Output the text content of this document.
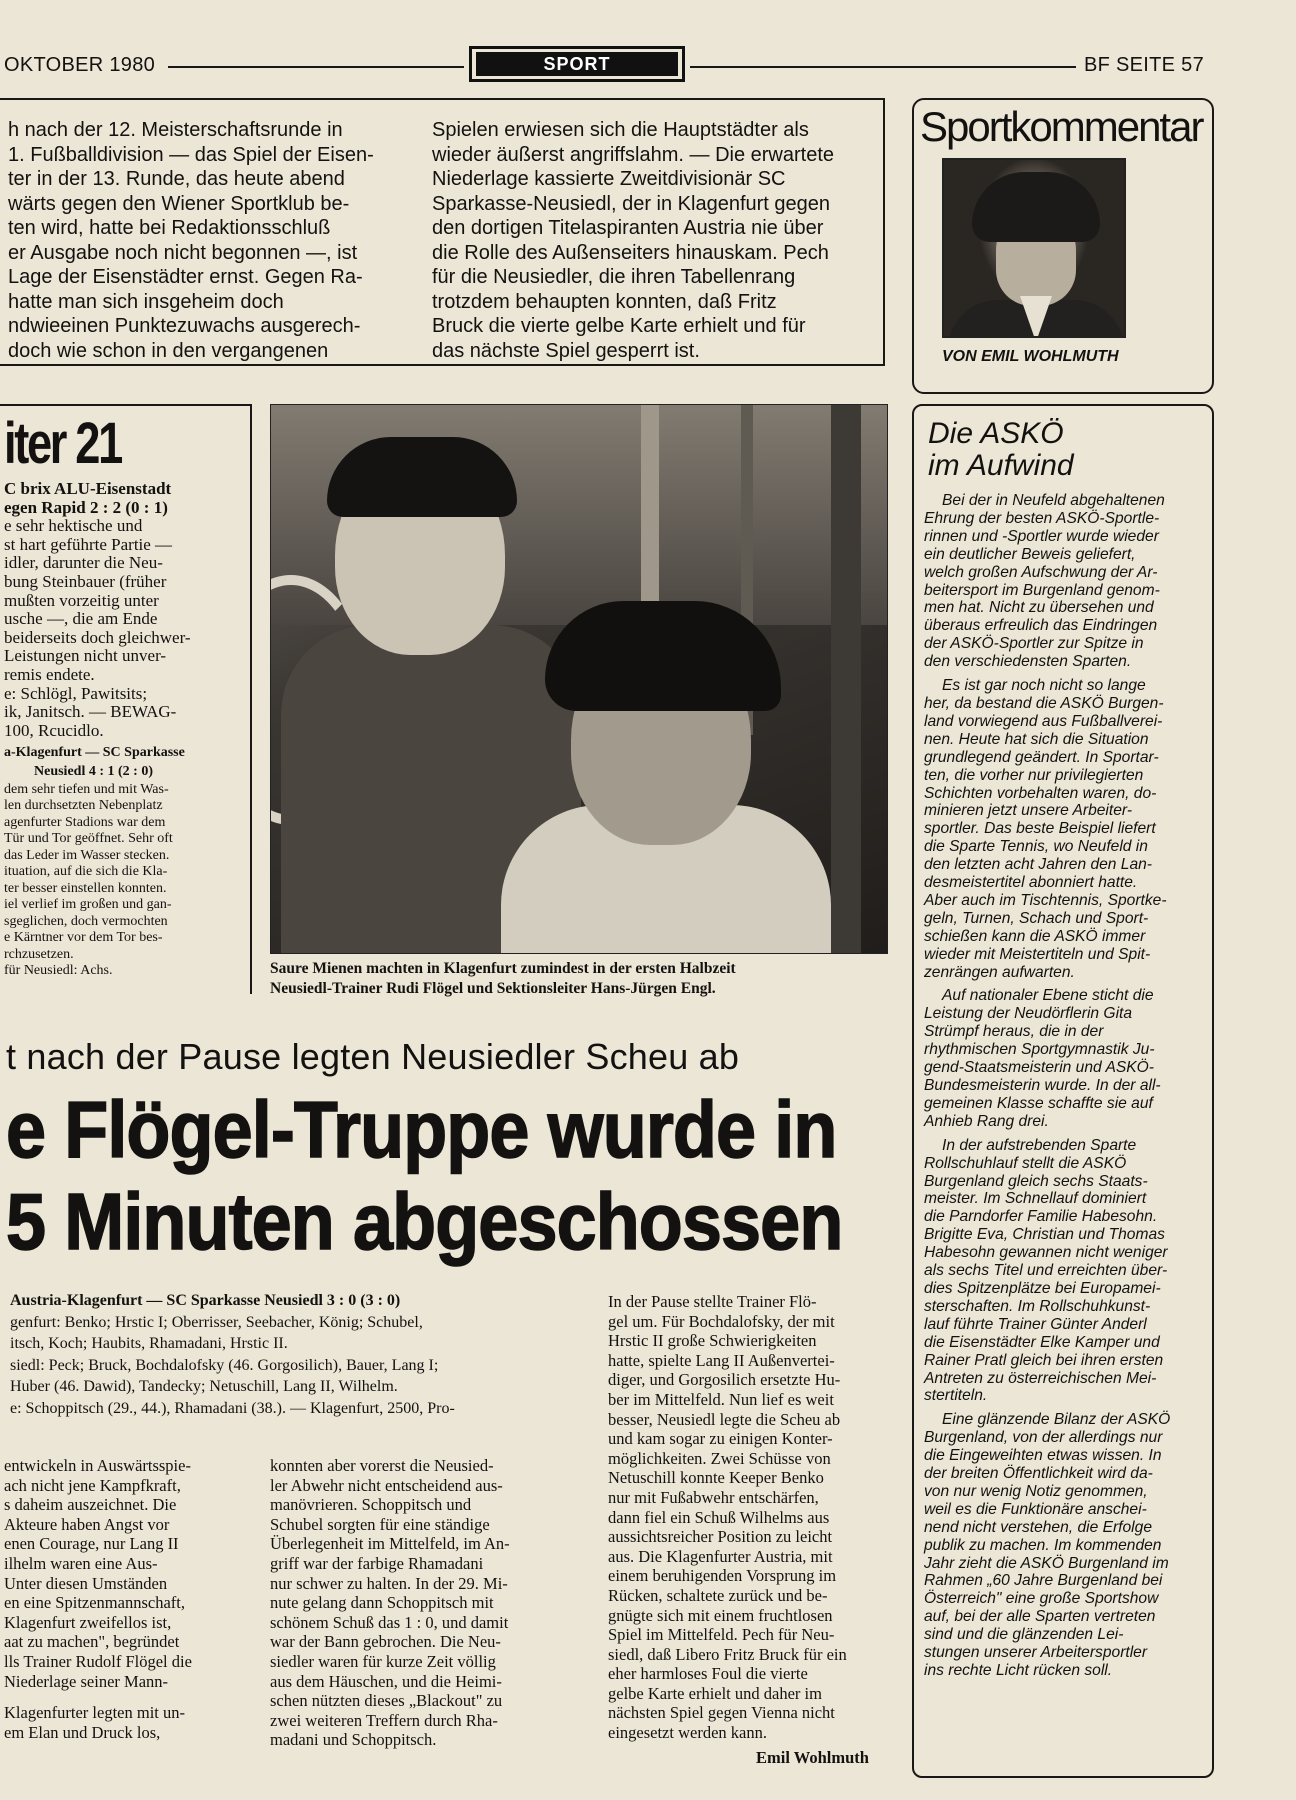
OKTOBER 1980	SPORT	BF SEITE 57

h nach der 12. Meisterschaftsrunde in

1. Fußballdivision — das Spiel der Eisen-

ter in der 13. Runde, das heute abend

wärts gegen den Wiener Sportklub be-

ten wird, hatte bei Redaktionsschluß

er Ausgabe noch nicht begonnen —, ist

Lage der Eisenstädter ernst. Gegen Ra-

hatte man sich insgeheim doch

ndwieeinen Punktezuwachs ausgerech-

doch wie schon in den vergangenen

Spielen erwiesen sich die Hauptstädter als

wieder äußerst angriffslahm. — Die erwartete

Niederlage kassierte Zweitdivisionär SC

Sparkasse-Neusiedl, der in Klagenfurt gegen

den dortigen Titelaspiranten Austria nie über

die Rolle des Außenseiters hinauskam. Pech

für die Neusiedler, die ihren Tabellenrang

trotzdem behaupten konnten, daß Fritz

Bruck die vierte gelbe Karte erhielt und für

das nächste Spiel gesperrt ist.

Sportkommentar
VON EMIL WOHLMUTH
iter 21

C brix ALU-Eisenstadt

egen Rapid 2 : 2 (0 : 1)

e sehr hektische und

st hart geführte Partie —

idler, darunter die Neu-

bung Steinbauer (früher

mußten vorzeitig unter

usche —, die am Ende

beiderseits doch gleichwer-

Leistungen nicht unver-

remis endete.

e: Schlögl, Pawitsits;

ik, Janitsch. — BEWAG-

100, Rcucidlo.

a-Klagenfurt — SC Sparkasse

Neusiedl 4 : 1 (2 : 0)

dem sehr tiefen und mit Was-

len durchsetzten Nebenplatz

agenfurter Stadions war dem

Tür und Tor geöffnet. Sehr oft

das Leder im Wasser stecken.

ituation, auf die sich die Kla-

ter besser einstellen konnten.

iel verlief im großen und gan-

sgeglichen, doch vermochten

e Kärntner vor dem Tor bes-

rchzusetzen.

für Neusiedl: Achs.	Saure Mienen machten in Klagenfurt zumindest in der ersten Halbzeit
Neusiedl-Trainer Rudi Flögel und Sektionsleiter Hans-Jürgen Engl.
t nach der Pause legten Neusiedler Scheu ab
e Flögel-Truppe wurde in
5 Minuten abgeschossen

Austria-Klagenfurt — SC Sparkasse Neusiedl 3 : 0 (3 : 0)

genfurt: Benko; Hrstic I; Oberrisser, Seebacher, König; Schubel,

itsch, Koch; Haubits, Rhamadani, Hrstic II.

siedl: Peck; Bruck, Bochdalofsky (46. Gorgosilich), Bauer, Lang I;

Huber (46. Dawid), Tandecky; Netuschill, Lang II, Wilhelm.

e: Schoppitsch (29., 44.), Rhamadani (38.). — Klagenfurt, 2500, Pro-

entwickeln in Auswärtsspie-

ach nicht jene Kampfkraft,

s daheim auszeichnet. Die

Akteure haben Angst vor

enen Courage, nur Lang II

ilhelm waren eine Aus-

Unter diesen Umständen

en eine Spitzenmannschaft,

Klagenfurt zweifellos ist,

aat zu machen", begründet

lls Trainer Rudolf Flögel die

Niederlage seiner Mann-

Klagenfurter legten mit un-

em Elan und Druck los,

konnten aber vorerst die Neusied-

ler Abwehr nicht entscheidend aus-

manövrieren. Schoppitsch und

Schubel sorgten für eine ständige

Überlegenheit im Mittelfeld, im An-

griff war der farbige Rhamadani

nur schwer zu halten. In der 29. Mi-

nute gelang dann Schoppitsch mit

schönem Schuß das 1 : 0, und damit

war der Bann gebrochen. Die Neu-

siedler waren für kurze Zeit völlig

aus dem Häuschen, und die Heimi-

schen nützten dieses „Blackout" zu

zwei weiteren Treffern durch Rha-

madani und Schoppitsch.

In der Pause stellte Trainer Flö-

gel um. Für Bochdalofsky, der mit

Hrstic II große Schwierigkeiten

hatte, spielte Lang II Außenvertei-

diger, und Gorgosilich ersetzte Hu-

ber im Mittelfeld. Nun lief es weit

besser, Neusiedl legte die Scheu ab

und kam sogar zu einigen Konter-

möglichkeiten. Zwei Schüsse von

Netuschill konnte Keeper Benko

nur mit Fußabwehr entschärfen,

dann fiel ein Schuß Wilhelms aus

aussichtsreicher Position zu leicht

aus. Die Klagenfurter Austria, mit

einem beruhigenden Vorsprung im

Rücken, schaltete zurück und be-

gnügte sich mit einem fruchtlosen

Spiel im Mittelfeld. Pech für Neu-

siedl, daß Libero Fritz Bruck für ein

eher harmloses Foul die vierte

gelbe Karte erhielt und daher im

nächsten Spiel gegen Vienna nicht

eingesetzt werden kann.

Emil Wohlmuth
Die ASKÖ
im Aufwind

Bei der in Neufeld abgehaltenen

Ehrung der besten ASKÖ-Sportle-

rinnen und -Sportler wurde wieder

ein deutlicher Beweis geliefert,

welch großen Aufschwung der Ar-

beitersport im Burgenland genom-

men hat. Nicht zu übersehen und

überaus erfreulich das Eindringen

der ASKÖ-Sportler zur Spitze in

den verschiedensten Sparten.

Es ist gar noch nicht so lange

her, da bestand die ASKÖ Burgen-

land vorwiegend aus Fußballverei-

nen. Heute hat sich die Situation

grundlegend geändert. In Sportar-

ten, die vorher nur privilegierten

Schichten vorbehalten waren, do-

minieren jetzt unsere Arbeiter-

sportler. Das beste Beispiel liefert

die Sparte Tennis, wo Neufeld in

den letzten acht Jahren den Lan-

desmeistertitel abonniert hatte.

Aber auch im Tischtennis, Sportke-

geln, Turnen, Schach und Sport-

schießen kann die ASKÖ immer

wieder mit Meistertiteln und Spit-

zenrängen aufwarten.

Auf nationaler Ebene sticht die

Leistung der Neudörflerin Gita

Strümpf heraus, die in der

rhythmischen Sportgymnastik Ju-

gend-Staatsmeisterin und ASKÖ-

Bundesmeisterin wurde. In der all-

gemeinen Klasse schaffte sie auf

Anhieb Rang drei.

In der aufstrebenden Sparte

Rollschuhlauf stellt die ASKÖ

Burgenland gleich sechs Staats-

meister. Im Schnellauf dominiert

die Parndorfer Familie Habesohn.

Brigitte Eva, Christian und Thomas

Habesohn gewannen nicht weniger

als sechs Titel und erreichten über-

dies Spitzenplätze bei Europamei-

sterschaften. Im Rollschuhkunst-

lauf führte Trainer Günter Anderl

die Eisenstädter Elke Kamper und

Rainer Pratl gleich bei ihren ersten

Antreten zu österreichischen Mei-

stertiteln.

Eine glänzende Bilanz der ASKÖ

Burgenland, von der allerdings nur

die Eingeweihten etwas wissen. In

der breiten Öffentlichkeit wird da-

von nur wenig Notiz genommen,

weil es die Funktionäre anschei-

nend nicht verstehen, die Erfolge

publik zu machen. Im kommenden

Jahr zieht die ASKÖ Burgenland im

Rahmen „60 Jahre Burgenland bei

Österreich" eine große Sportshow

auf, bei der alle Sparten vertreten

sind und die glänzenden Lei-

stungen unserer Arbeitersportler

ins rechte Licht rücken soll.
